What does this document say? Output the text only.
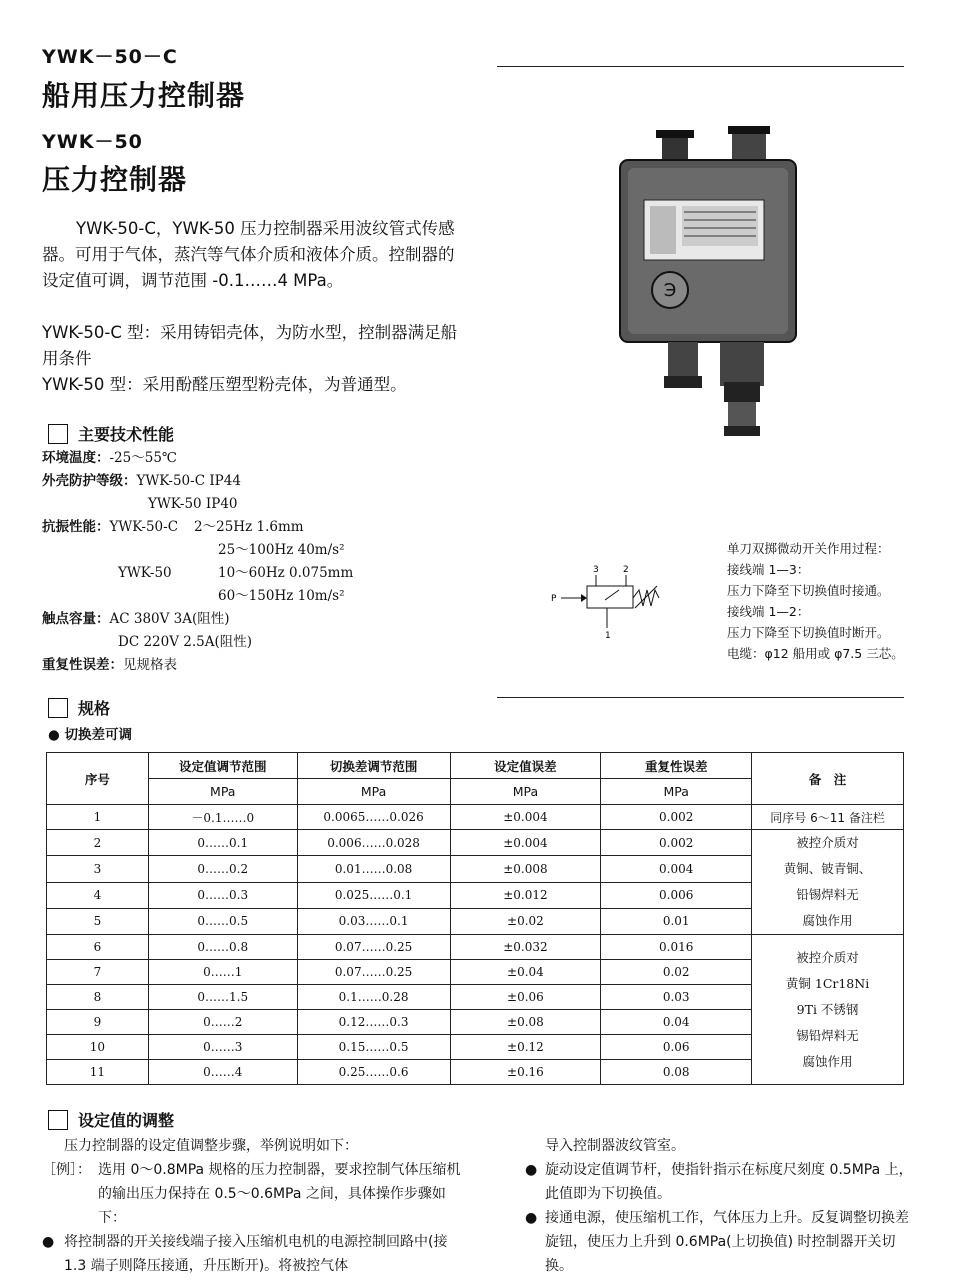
YWK－50－C
船用压力控制器
YWK－50
压力控制器
Э
YWK-50-C，YWK-50 压力控制器采用波纹管式传感器。可用于气体，蒸汽等气体介质和液体介质。控制器的设定值可调，调节范围 -0.1……4 MPa。
YWK-50-C 型：采用铸铝壳体，为防水型，控制器满足船用条件
YWK-50 型：采用酚醛压塑型粉壳体，为普通型。
主要技术性能
环境温度：-25～55℃
外壳防护等级：YWK-50-C IP44
YWK-50 IP40
抗振性能：YWK-50-C 2～25Hz 1.6mm
25～100Hz 40m/s²
YWK-50	10～60Hz 0.075mm
60～150Hz 10m/s²
触点容量：AC 380V 3A(阻性)
DC 220V 2.5A(阻性)
重复性误差：见规格表
P
3	2
1
单刀双掷微动开关作用过程：
接线端 1—3：
压力下降至下切换值时接通。
接线端 1—2：
压力下降至下切换值时断开。
电缆：φ12 船用或 φ7.5 三芯。
规格
● 切换差可调
序号	设定值调节范围	切换差调节范围	设定值误差	重复性误差	备　注
	MPa	MPa	MPa	MPa	
1	－0.1……0	0.0065……0.026	±0.004	0.002	同序号 6～11 备注栏
2	0……0.1	0.006……0.028	±0.004	0.002	被控介质对
黄铜、铍青铜、
铅锡焊料无
腐蚀作用

3	0……0.2	0.01……0.08	±0.008	0.004	
4	0……0.3	0.025……0.1	±0.012	0.006	
5	0……0.5	0.03……0.1	±0.02	0.01	
6	0……0.8	0.07……0.25	±0.032	0.016	被控介质对
黄铜 1Cr18Ni
9Ti 不锈钢
锡铅焊料无
腐蚀作用

7	0……1	0.07……0.25	±0.04	0.02	
8	0……1.5	0.1……0.28	±0.06	0.03	
9	0……2	0.12……0.3	±0.08	0.04	
10	0……3	0.15……0.5	±0.12	0.06	
11	0……4	0.25……0.6	±0.16	0.08	
设定值的调整
压力控制器的设定值调整步骤，举例说明如下：
［例］： 选用 0～0.8MPa 规格的压力控制器，要求控制气体压缩机的输出压力保持在 0.5～0.6MPa 之间，具体操作步骤如下：
● 将控制器的开关接线端子接入压缩机电机的电源控制回路中(接 1.3 端子则降压接通，升压断开)。将被控气体
导入控制器波纹管室。
● 旋动设定值调节杆，使指针指示在标度尺刻度 0.5MPa 上，此值即为下切换值。
● 接通电源，使压缩机工作，气体压力上升。反复调整切换差旋钮，使压力上升到 0.6MPa(上切换值) 时控制器开关切换。
